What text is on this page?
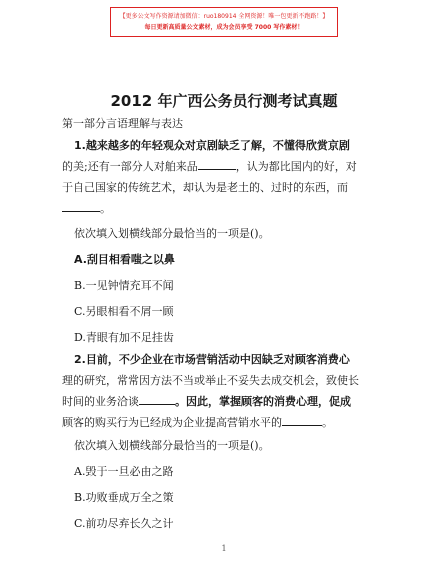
【更多公文写作资源请加微信：ruo180914 全网资源！唯一包更新不跑路！】
每日更新高质量公文素材，成为会员享受 7000 写作素材！
2012 年广西公务员行测考试真题
第一部分言语理解与表达
1.越来越多的年轻观众对京剧缺乏了解，不懂得欣赏京剧
的美;还有一部分人对舶来品	，认为都比国内的好，对
于自己国家的传统艺术，却认为是老土的、过时的东西，而
。
依次填入划横线部分最恰当的一项是()。
A.刮目相看嗤之以鼻
B.一见钟情充耳不闻
C.另眼相看不屑一顾
D.青眼有加不足挂齿
2.目前，不少企业在市场营销活动中因缺乏对顾客消费心
理的研究，常常因方法不当或举止不妥失去成交机会，致使长
时间的业务洽谈	。因此，掌握顾客的消费心理，促成
顾客的购买行为已经成为企业提高营销水平的	。
依次填入划横线部分最恰当的一项是()。
A.毁于一旦必由之路
B.功败垂成万全之策
C.前功尽弃长久之计
1
